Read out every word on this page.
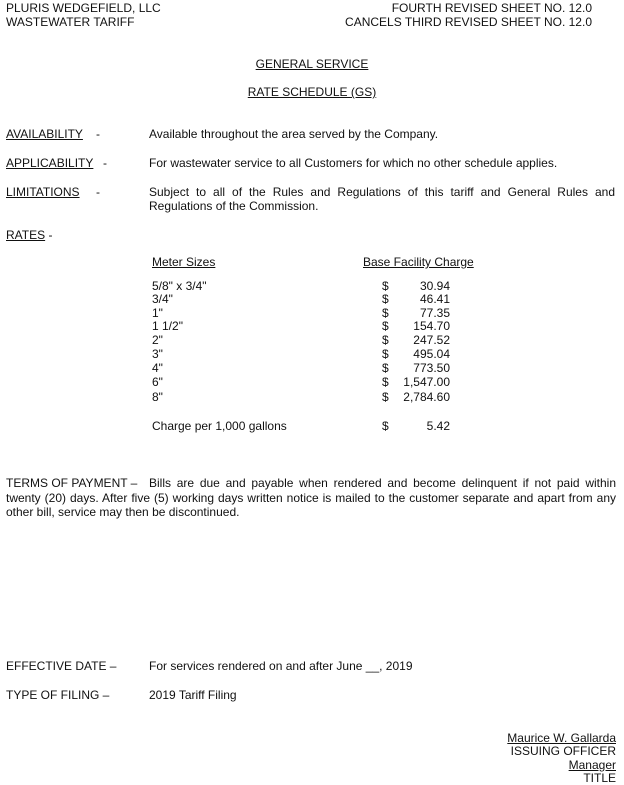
PLURIS WEDGEFIELD, LLC
WASTEWATER TARIFF
FOURTH REVISED SHEET NO. 12.0
CANCELS THIRD REVISED SHEET NO. 12.0
GENERAL SERVICE
RATE SCHEDULE (GS)
AVAILABILITY -	Available throughout the area served by the Company.
APPLICABILITY -	For wastewater service to all Customers for which no other schedule applies.
LIMITATIONS -	Subject to all of the Rules and Regulations of this tariff and General Rules and Regulations of the Commission.
RATES -
Meter Sizes	Base Facility Charge
5/8" x 3/4"	$	30.94
3/4"	$	46.41
1"	$	77.35
1 1/2"	$	154.70
2"	$	247.52
3"	$	495.04
4"	$	773.50
6"	$	1,547.00
8"	$	2,784.60
Charge per 1,000 gallons	$	5.42
TERMS OF PAYMENT – Bills are due and payable when rendered and become delinquent if not paid within twenty (20) days. After five (5) working days written notice is mailed to the customer separate and apart from any other bill, service may then be discontinued.
EFFECTIVE DATE –	For services rendered on and after June __, 2019
TYPE OF FILING –	2019 Tariff Filing
Maurice W. Gallarda
ISSUING OFFICER
Manager
TITLE
